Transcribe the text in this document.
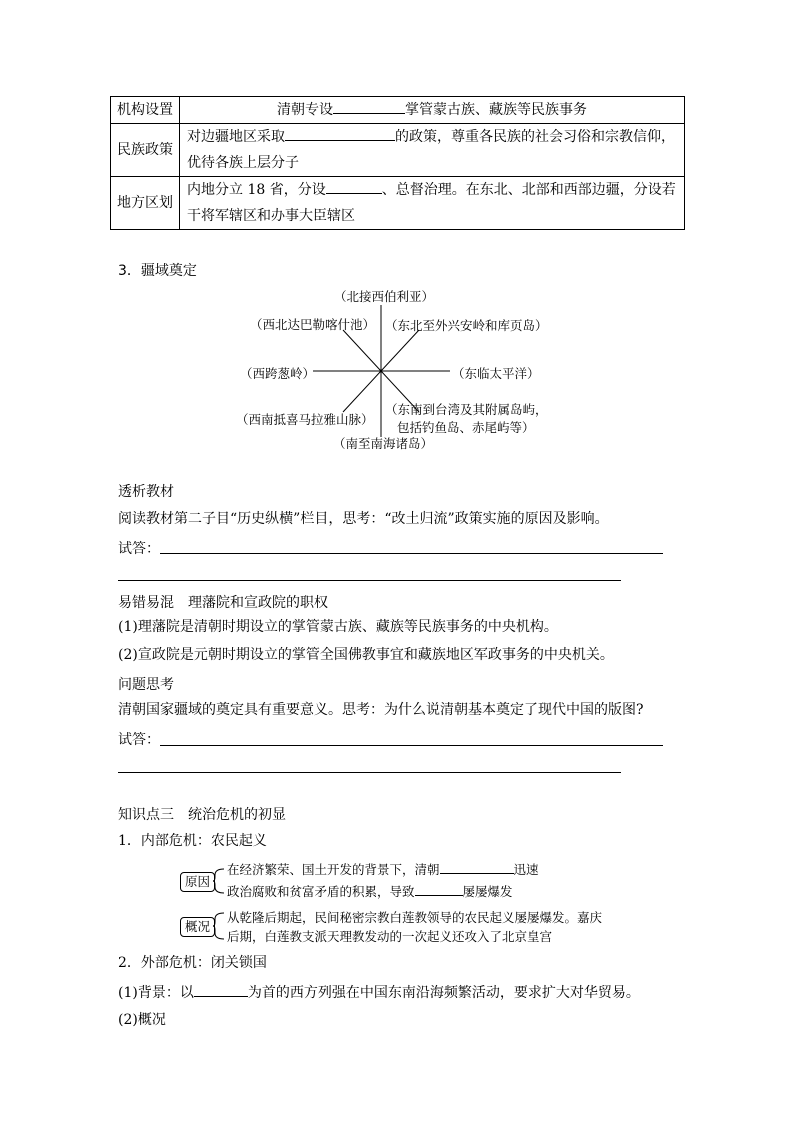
机构设置	清朝专设 掌管蒙古族、藏族等民族事务
民族政策	对边疆地区采取 的政策，尊重各民族的社会习俗和宗教信仰，
优待各族上层分子

地方区划	内地分立 18 省，分设 、总督治理。在东北、北部和西部边疆，分设若
干将军辖区和办事大臣辖区
3．疆域奠定
（北接西伯利亚）
（西北达巴勒喀什池） （东北至外兴安岭和库页岛）
（西跨葱岭）	（东临太平洋）
（西南抵喜马拉雅山脉）
（东南到台湾及其附属岛屿，
包括钓鱼岛、赤尾屿等）
（南至南海诸岛）
透析教材
阅读教材第二子目“历史纵横”栏目，思考：“改土归流”政策实施的原因及影响。
试答：
易错易混　理藩院和宣政院的职权
(1)理藩院是清朝时期设立的掌管蒙古族、藏族等民族事务的中央机构。
(2)宣政院是元朝时期设立的掌管全国佛教事宜和藏族地区军政事务的中央机关。
问题思考
清朝国家疆域的奠定具有重要意义。思考：为什么说清朝基本奠定了现代中国的版图?
试答：
知识点三　统治危机的初显
1．内部危机：农民起义
原因
概况
在经济繁荣、国土开发的背景下，清朝	迅速
政治腐败和贫富矛盾的积累，导致	屡屡爆发
从乾隆后期起，民间秘密宗教白莲教领导的农民起义屡屡爆发。嘉庆
后期，白莲教支派天理教发动的一次起义还攻入了北京皇宫
2．外部危机：闭关锁国
(1)背景：以	为首的西方列强在中国东南沿海频繁活动，要求扩大对华贸易。
(2)概况
